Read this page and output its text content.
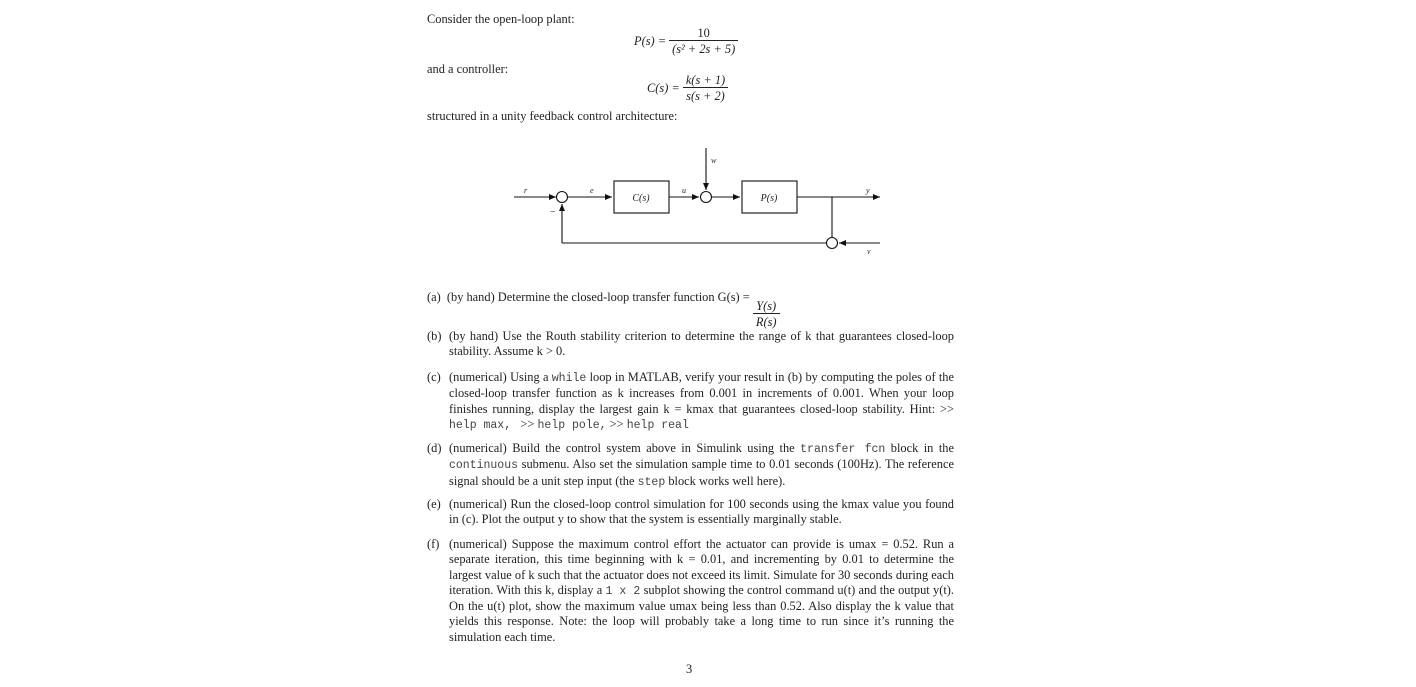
Consider the open-loop plant:
$P(s) = \frac{10}{\text{(s² + 2s + 5)}}$
and a controller:
$C(s) = \frac{k(s + 1)}{s(s + 2)}$
structured in a unity feedback control architecture:
C(s)	P(s)
r	e	u
w
y
v
−
(a) (by hand) Determine the closed-loop transfer function G(s) =
$\frac{Y(s)}{R(s)}$
(b) (by hand) Use the Routh stability criterion to determine the range of k that guarantees closed-loop stability. Assume k > 0.
(c) (numerical) Using a while loop in MATLAB, verify your result in (b) by computing the poles of the closed-loop transfer function as k increases from 0.001 in increments of 0.001. When your loop finishes running, display the largest gain k = kmax that guarantees closed-loop stability. Hint: >> help max, >> help pole, >> help real
(d) (numerical) Build the control system above in Simulink using the transfer fcn block in the continuous submenu. Also set the simulation sample time to 0.01 seconds (100Hz). The reference signal should be a unit step input (the step block works well here).
(e) (numerical) Run the closed-loop control simulation for 100 seconds using the kmax value you found in (c). Plot the output y to show that the system is essentially marginally stable.
(f) (numerical) Suppose the maximum control effort the actuator can provide is umax = 0.52. Run a separate iteration, this time beginning with k = 0.01, and incrementing by 0.01 to determine the largest value of k such that the actuator does not exceed its limit. Simulate for 30 seconds during each iteration. With this k, display a 1 x 2 subplot showing the control command u(t) and the output y(t). On the u(t) plot, show the maximum value umax being less than 0.52. Also display the k value that yields this response. Note: the loop will probably take a long time to run since it’s running the simulation each time.
3
